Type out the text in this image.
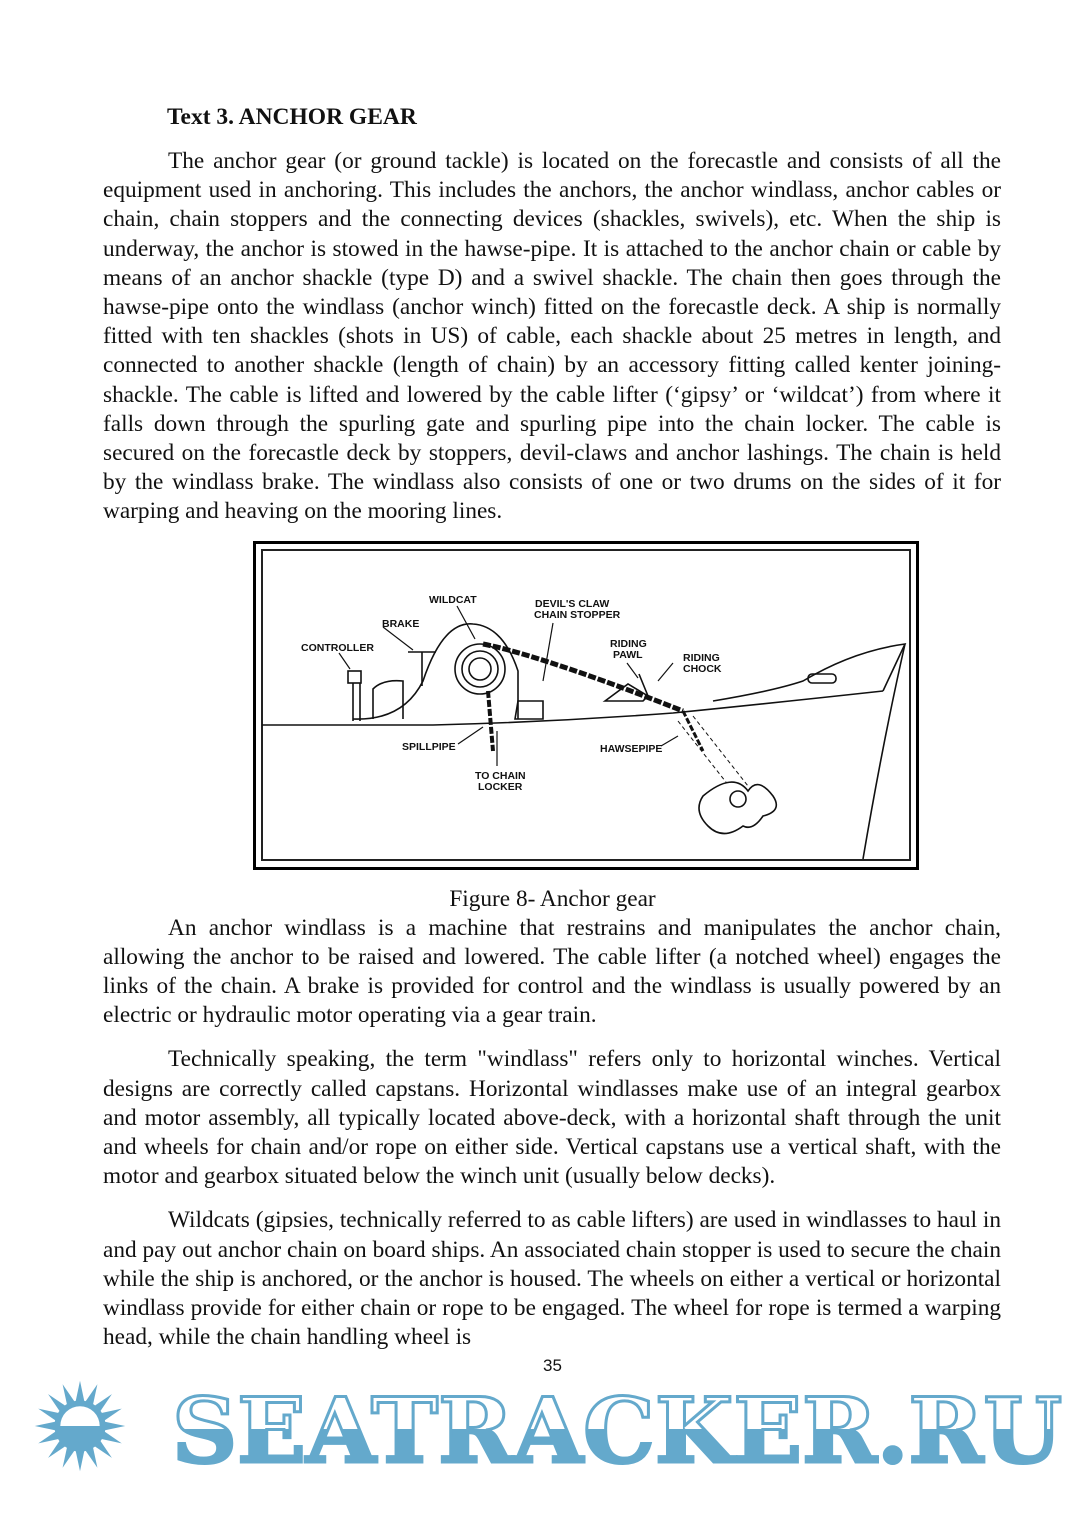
Text 3. ANCHOR GEAR

The anchor gear (or ground tackle) is located on the forecastle and consists of all the equipment used in anchoring. This includes the anchors, the anchor windlass, anchor cables or chain, chain stoppers and the connecting devices (shackles, swivels), etc. When the ship is underway, the anchor is stowed in the hawse-pipe. It is attached to the anchor chain or cable by means of an anchor shackle (type D) and a swivel shackle. The chain then goes through the hawse-pipe onto the windlass (anchor winch) fitted on the forecastle deck. A ship is normally fitted with ten shackles (shots in US) of cable, each shackle about 25 metres in length, and connected to another shackle (length of chain) by an accessory fitting called kenter joining- shackle. The cable is lifted and lowered by the cable lifter (‘gipsy’ or ‘wildcat’) from where it falls down through the spurling gate and spurling pipe into the chain locker. The cable is secured on the forecastle deck by stoppers, devil-claws and anchor lashings. The chain is held by the windlass brake. The windlass also consists of one or two drums on the sides of it for warping and heaving on the mooring lines.

WILDCAT	DEVIL'S CLAW
CHAIN STOPPER
BRAKE
CONTROLLER	RIDING
PAWL	RIDING
CHOCK
SPILLPIPE	HAWSEPIPE
TO CHAIN
LOCKER
Figure 8- Anchor gear

An anchor windlass is a machine that restrains and manipulates the anchor chain, allowing the anchor to be raised and lowered. The cable lifter (a notched wheel) engages the links of the chain. A brake is provided for control and the windlass is usually powered by an electric or hydraulic motor operating via a gear train.

Technically speaking, the term "windlass" refers only to horizontal winches. Vertical designs are correctly called capstans. Horizontal windlasses make use of an integral gearbox and motor assembly, all typically located above-deck, with a horizontal shaft through the unit and wheels for chain and/or rope on either side. Vertical capstans use a vertical shaft, with the motor and gearbox situated below the winch unit (usually below decks).

Wildcats (gipsies, technically referred to as cable lifters) are used in windlasses to haul in and pay out anchor chain on board ships. An associated chain stopper is used to secure the chain while the ship is anchored, or the anchor is housed. The wheels on either a vertical or horizontal windlass provide for either chain or rope to be engaged. The wheel for rope is termed a warping head, while the chain handling wheel is

35
SEATRACKER.RU
